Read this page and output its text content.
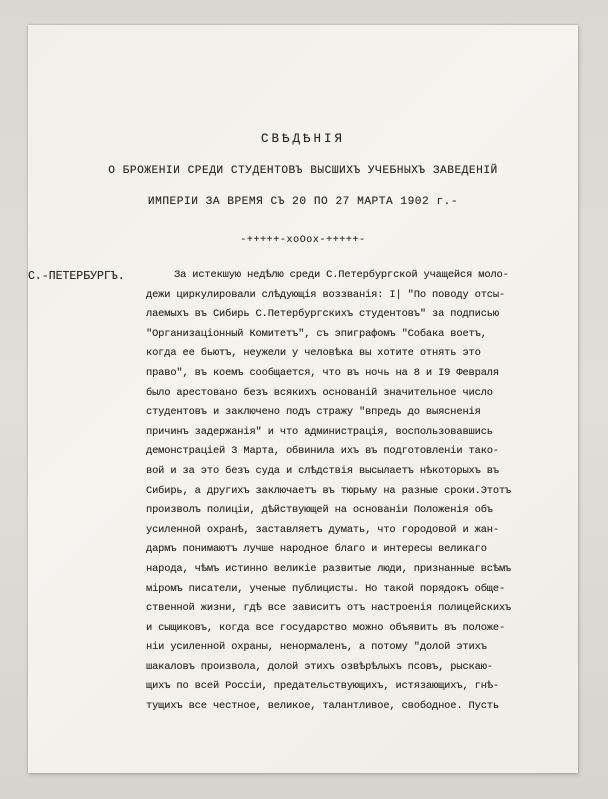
СВѢДѢНІЯ
О БРОЖЕНІИ СРЕДИ СТУДЕНТОВЪ ВЫСШИХЪ УЧЕБНЫХЪ ЗАВЕДЕНІЙ
ИМПЕРІИ ЗА ВРЕМЯ СЪ 20 ПО 27 МАРТА 1902 г.-
-+++++-хоОох-+++++-
С.-ПЕТЕРБУРГЪ.	За истекшую недѣлю среди С.Петербургской учащейся моло-
дежи циркулировали слѣдующія воззванія: I| "По поводу отсы-
лаемыхъ въ Сибирь С.Петербургскихъ студентовъ" за подписью
"Организаціонный Комитетъ", съ эпиграфомъ "Собака воетъ,
когда ее бьютъ, неужели у человѣка вы хотите отнять это
право", въ коемъ сообщается, что въ ночь на 8 и I9 Февраля
было арестовано безъ всякихъ основаній значительное число
студентовъ и заключено подъ стражу "впредь до выясненія
причинъ задержанія" и что администрація, воспользовавшись
демонстраціей 3 Марта, обвинила ихъ въ подготовленіи тако-
вой и за это безъ суда и слѣдствія высылаетъ нѣкоторыхъ въ
Сибирь, а другихъ заключаетъ въ тюрьму на разные сроки.Этотъ
произволъ полиціи, дѣйствующей на основаніи Положенія объ
усиленной охранѣ, заставляетъ думать, что городовой и жан-
дармъ понимаютъ лучше народное благо и интересы великаго
народа, чѣмъ истинно великіе развитые люди, признанные всѣмъ
міромъ писатели, ученые публицисты. Но такой порядокъ обще-
ственной жизни, гдѣ все зависитъ отъ настроенія полицейскихъ
и сыщиковъ, когда все государство можно объявить въ положе-
ніи усиленной охраны, ненормаленъ, а потому "долой этихъ
шакаловъ произвола, долой этихъ озвѣрѣлыхъ псовъ, рыскаю-
щихъ по всей Россіи, предательствующихъ, истязающихъ, гнѣ-
тущихъ все честное, великое, талантливое, свободное. Пусть
